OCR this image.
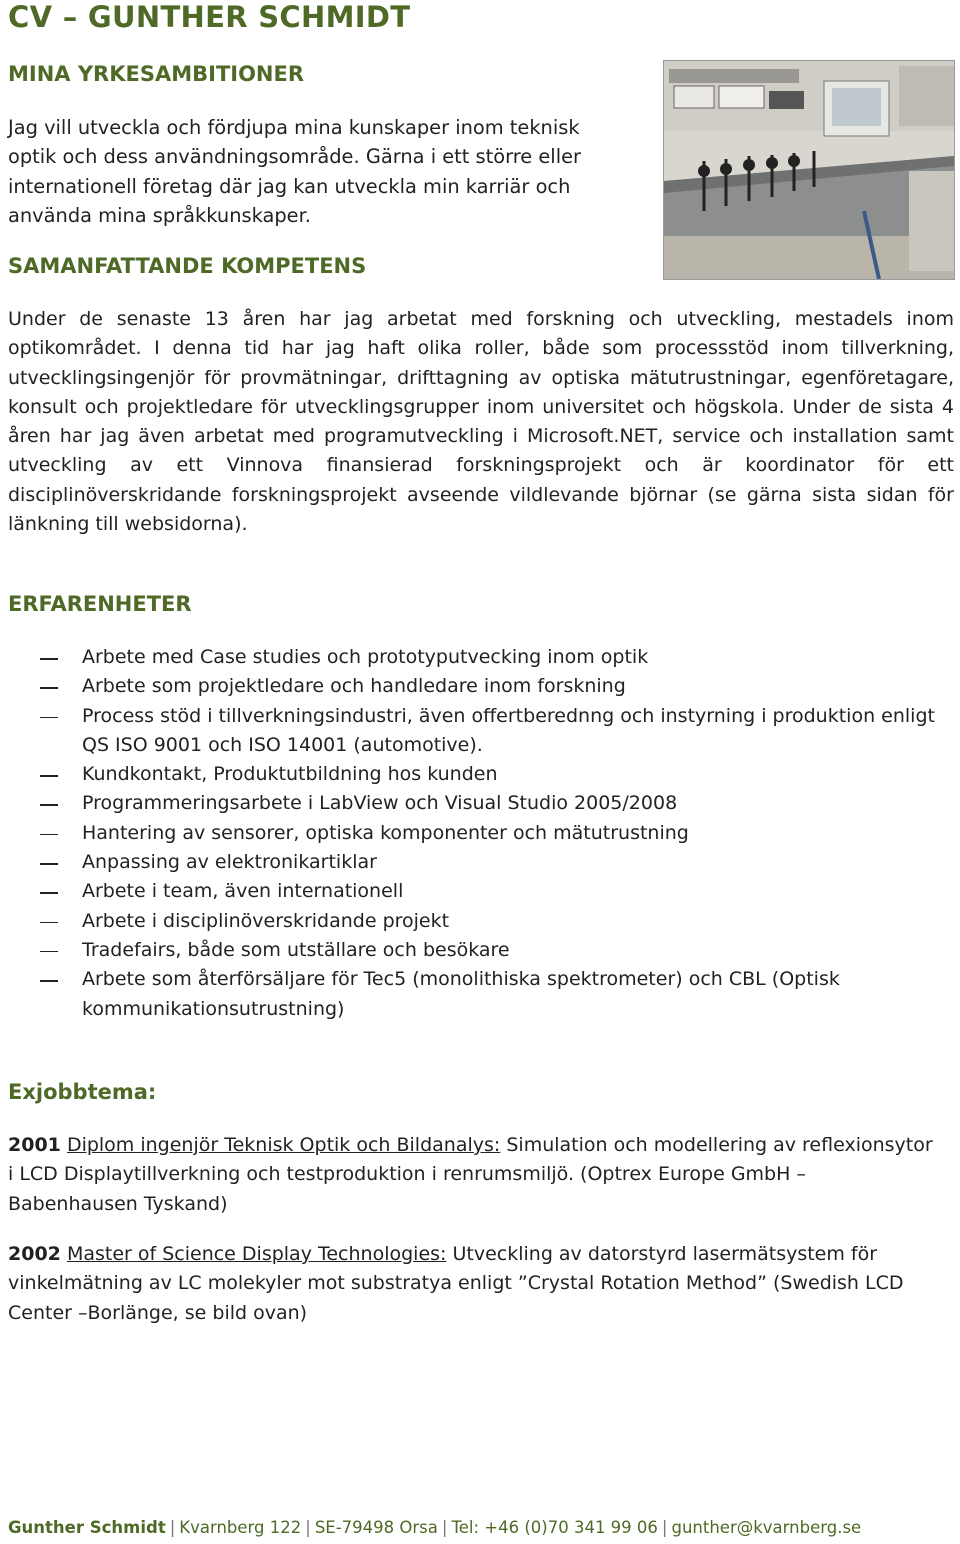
CV – GUNTHER SCHMIDT
MINA YRKESAMBITIONER
Jag vill utveckla och fördjupa mina kunskaper inom teknisk
optik och dess användningsområde. Gärna i ett större eller
internationell företag där jag kan utveckla min karriär och
använda mina språkkunskaper.
SAMANFATTANDE KOMPETENS
Under de senaste 13 åren har jag arbetat med forskning och utveckling, mestadels inom optikområdet. I denna tid har jag haft olika roller, både som processstöd inom tillverkning, utvecklingsingenjör för provmätningar, drifttagning av optiska mätutrustningar, egenföretagare, konsult och projektledare för utvecklingsgrupper inom universitet och högskola. Under de sista 4 åren har jag även arbetat med programutveckling i Microsoft.NET, service och installation samt utveckling av ett Vinnova finansierad forskningsprojekt och är koordinator för ett disciplinöverskridande forskningsprojekt avseende vildlevande björnar (se gärna sista sidan för länkning till websidorna).
ERFARENHETER
Arbete med Case studies och prototyputvecking inom optik
Arbete som projektledare och handledare inom forskning
Process stöd i tillverkningsindustri, även offertberednng och instyrning i produktion enligt QS ISO 9001 och ISO 14001 (automotive).
Kundkontakt, Produktutbildning hos kunden
Programmeringsarbete i LabView och Visual Studio 2005/2008
Hantering av sensorer, optiska komponenter och mätutrustning
Anpassing av elektronikartiklar
Arbete i team, även internationell
Arbete i disciplinöverskridande projekt
Tradefairs, både som utställare och besökare
Arbete som återförsäljare för Tec5 (monolithiska spektrometer) och CBL (Optisk kommunikationsutrustning)
Exjobbtema:
2001 Diplom ingenjör Teknisk Optik och Bildanalys: Simulation och modellering av reflexionsytor i LCD Displaytillverkning och testproduktion i renrumsmiljö. (Optrex Europe GmbH – Babenhausen Tyskand)
2002 Master of Science Display Technologies: Utveckling av datorstyrd lasermätsystem för vinkelmätning av LC molekyler mot substratya enligt ”Crystal Rotation Method” (Swedish LCD Center –Borlänge, se bild ovan)
Gunther Schmidt | Kvarnberg 122 | SE-79498 Orsa | Tel: +46 (0)70 341 99 06 | gunther@kvarnberg.se
